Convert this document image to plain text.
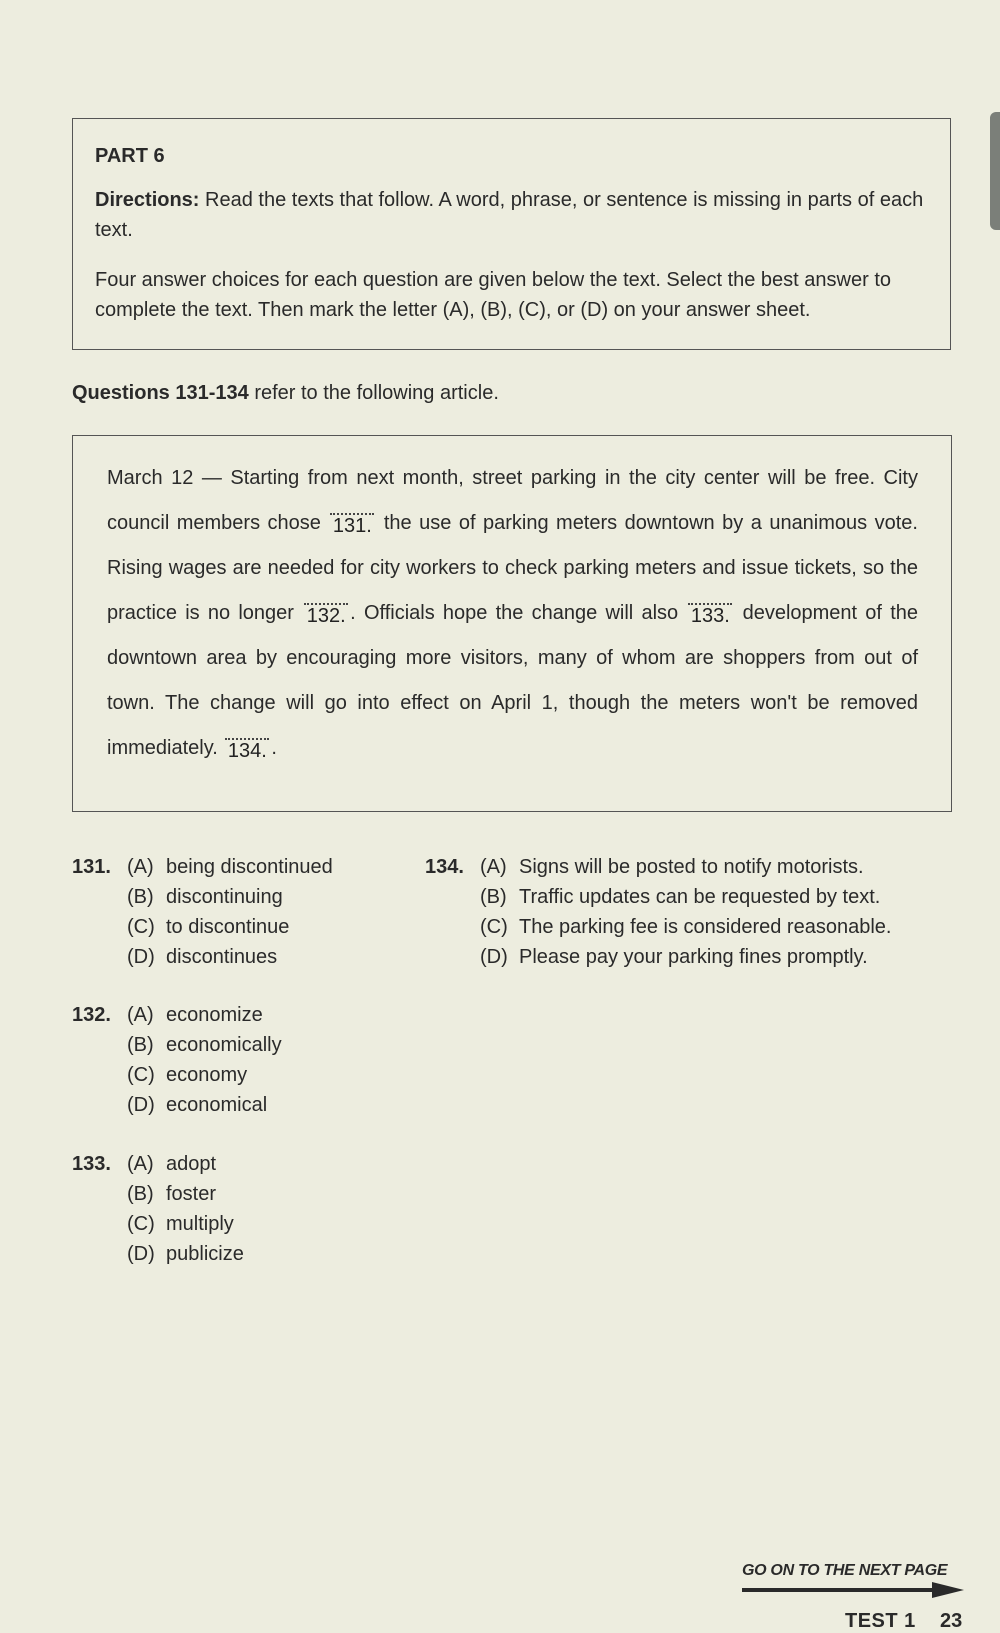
PART 6
Directions: Read the texts that follow. A word, phrase, or sentence is missing in parts of each text.
Four answer choices for each question are given below the text. Select the best answer to complete the text. Then mark the letter (A), (B), (C), or (D) on your answer sheet.
Questions 131-134 refer to the following article.
March 12 — Starting from next month, street parking in the city center will be free. City council members chose 131. the use of parking meters downtown by a unanimous vote. Rising wages are needed for city workers to check parking meters and issue tickets, so the practice is no longer 132. . Officials hope the change will also 133. development of the downtown area by encouraging more visitors, many of whom are shoppers from out of town. The change will go into effect on April 1, though the meters won't be removed immediately. 134. .
131. (A) being discontinued
(B) discontinuing
(C) to discontinue
(D) discontinues
132. (A) economize
(B) economically
(C) economy
(D) economical
133. (A) adopt
(B) foster
(C) multiply
(D) publicize
134. (A) Signs will be posted to notify motorists.
(B) Traffic updates can be requested by text.
(C) The parking fee is considered reasonable.
(D) Please pay your parking fines promptly.
GO ON TO THE NEXT PAGE
TEST 1 23
